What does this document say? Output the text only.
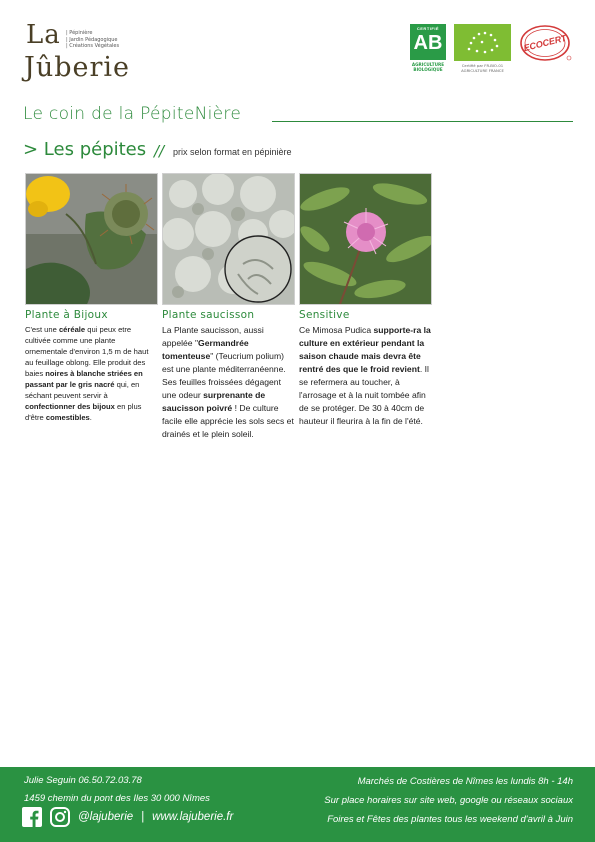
La | Pépinière
| Jardin Pédagogique
| Créations Végétales
Jûberie
CERTIFIÉ
AB
AGRICULTURE
BIOLOGIQUE
Certifié par FR-BIO-01
AGRICULTURE FRANCE
ECOCERT
Le coin de la PépiteNière
> Les pépites // prix selon format en pépinière
Plante à Bijoux
C'est une céréale qui peux etre cultivée comme une plante ornementale d'environ 1,5 m de haut au feuillage oblong. Elle produit des baies noires à blanche striées en passant par le gris nacré qui, en séchant peuvent servir à confectionner des bijoux en plus d'être comestibles.
Plante saucisson
La Plante saucisson, aussi appelée "Germandrée tomenteuse" (Teucrium polium) est une plante méditerranéenne. Ses feuilles froissées dégagent une odeur surprenante de saucisson poivré ! De culture facile elle apprécie les sols secs et drainés et le plein soleil.
Sensitive
Ce Mimosa Pudica supporte-ra la culture en extérieur pendant la saison chaude mais devra ête rentré des que le froid revient. Il se refermera au toucher, à l'arrosage et à la nuit tombée afin de se protéger. De 30 à 40cm de hauteur il fleurira à la fin de l'été.
Julie Seguin 06.50.72.03.78
1459 chemin du pont des Iles 30 000 Nîmes
@lajuberie | www.lajuberie.fr
Marchés de Costières de Nîmes les lundis 8h - 14h
Sur place horaires sur site web, google ou réseaux sociaux
Foires et Fêtes des plantes tous les weekend d'avril à Juin
